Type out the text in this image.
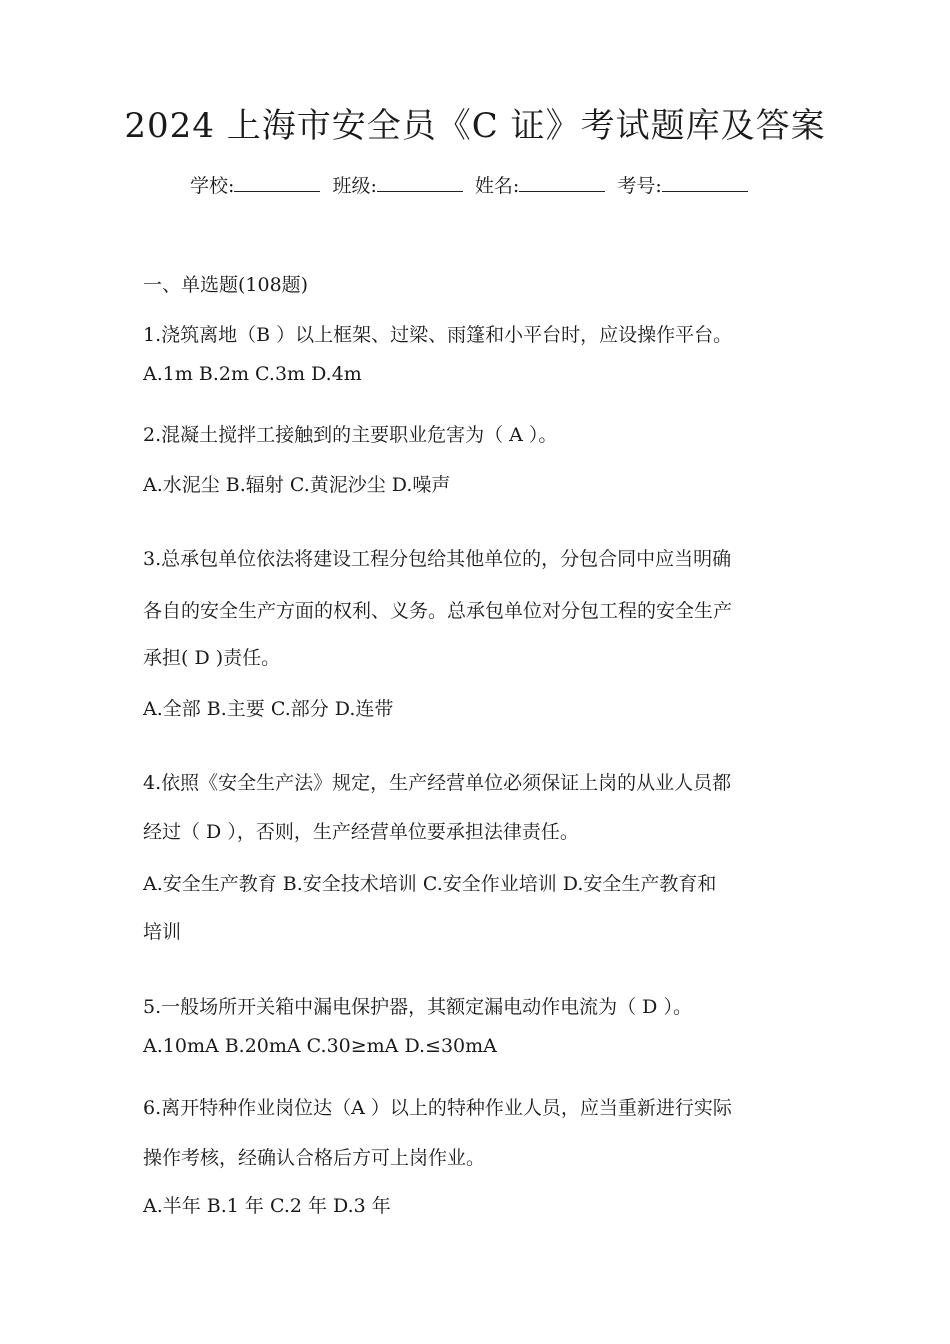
2024 上海市安全员《C 证》考试题库及答案
学校:	班级:	姓名:	考号:
一、单选题(108题)
1.浇筑离地（B ）以上框架、过梁、雨篷和小平台时，应设操作平台。
A.1m B.2m C.3m D.4m
2.混凝土搅拌工接触到的主要职业危害为（ A ）。
A.水泥尘 B.辐射 C.黄泥沙尘 D.噪声
3.总承包单位依法将建设工程分包给其他单位的，分包合同中应当明确
各自的安全生产方面的权利、义务。总承包单位对分包工程的安全生产
承担( D )责任。
A.全部 B.主要 C.部分 D.连带
4.依照《安全生产法》规定，生产经营单位必须保证上岗的从业人员都
经过（ D ），否则，生产经营单位要承担法律责任。
A.安全生产教育 B.安全技术培训 C.安全作业培训 D.安全生产教育和
培训
5.一般场所开关箱中漏电保护器，其额定漏电动作电流为（ D ）。
A.10mA B.20mA C.30≥mA D.≤30mA
6.离开特种作业岗位达（A ）以上的特种作业人员，应当重新进行实际
操作考核，经确认合格后方可上岗作业。
A.半年 B.1 年 C.2 年 D.3 年
